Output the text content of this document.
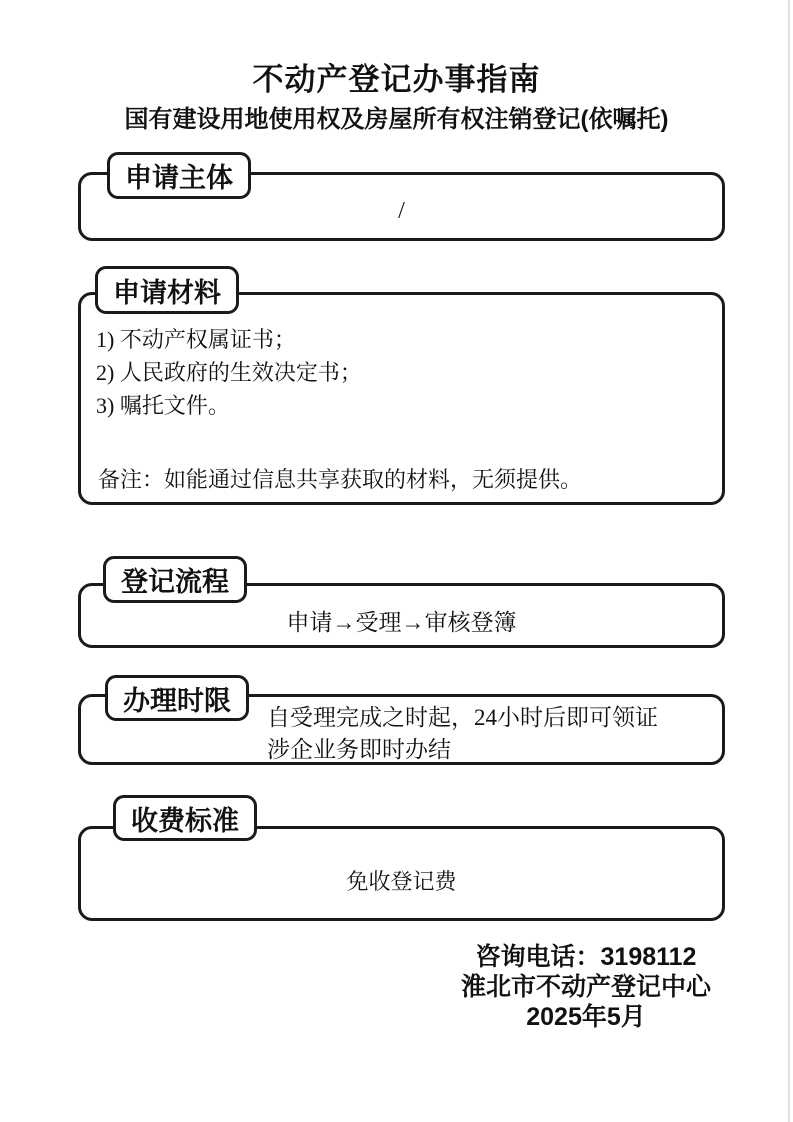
不动产登记办事指南
国有建设用地使用权及房屋所有权注销登记(依嘱托)
申请主体
/
申请材料
1) 不动产权属证书；
2) 人民政府的生效决定书；
3) 嘱托文件。
备注：如能通过信息共享获取的材料，无须提供。
登记流程
申请→受理→审核登簿
办理时限
自受理完成之时起，24小时后即可领证
涉企业务即时办结
收费标准
免收登记费
咨询电话：3198112
淮北市不动产登记中心
2025年5月
